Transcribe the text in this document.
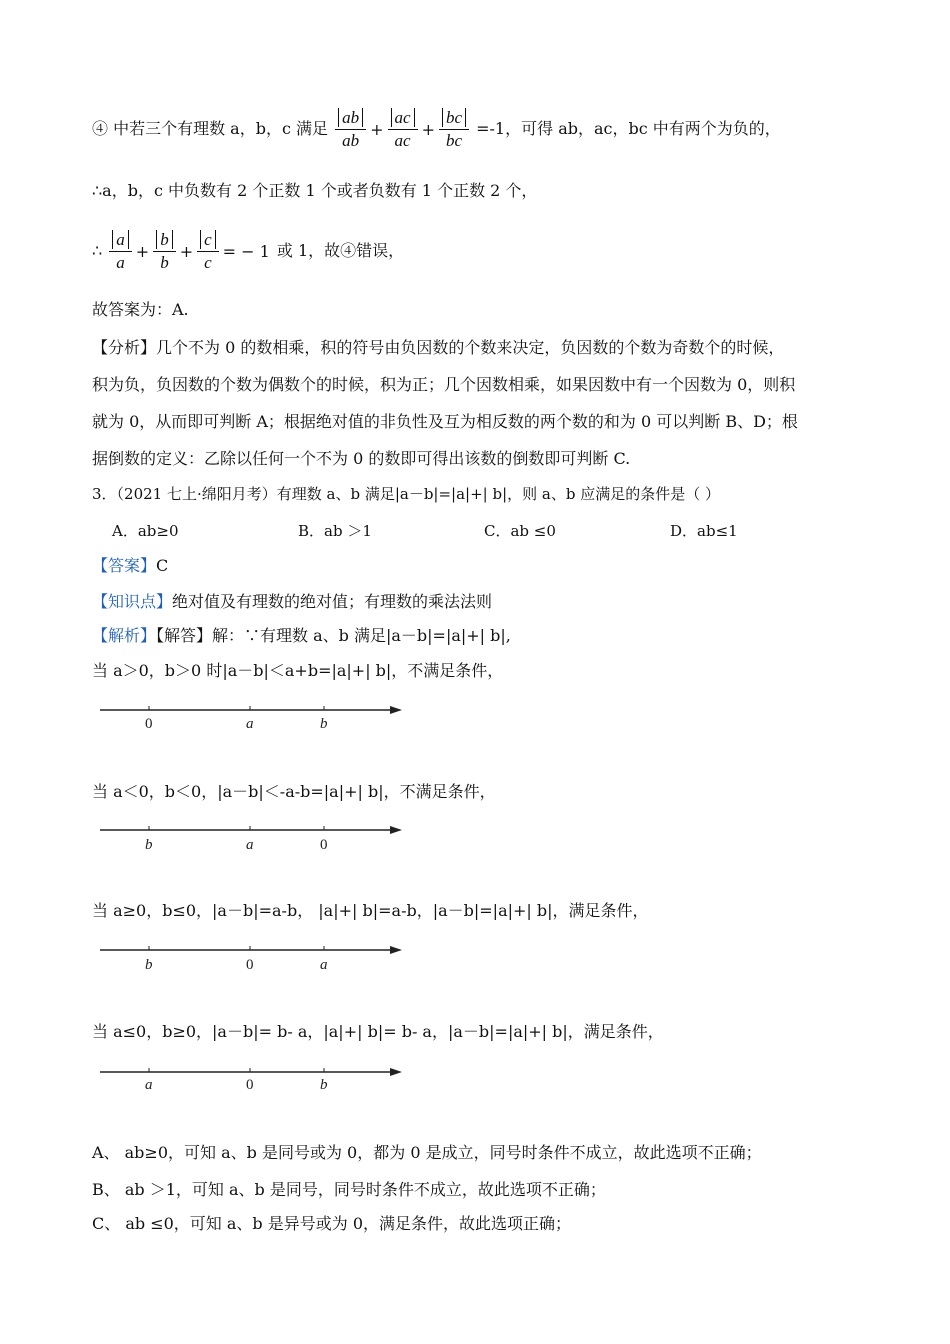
④ 中若三个有理数 a，b，c 满足 $\frac{ab}{ab} + \frac{ac}{ac} + \frac{bc}{bc} =-1$，可得 ab，ac，bc 中有两个为负的，
∴a，b，c 中负数有 2 个正数 1 个或者负数有 1 个正数 2 个，
∴ $\frac{a}{a} + \frac{b}{b} + \frac{c}{c}$ = − 1 或 1，故④错误，
故答案为：A.
【分析】几个不为 0 的数相乘，积的符号由负因数的个数来决定，负因数的个数为奇数个的时候，
积为负，负因数的个数为偶数个的时候，积为正；几个因数相乘，如果因数中有一个因数为 0，则积
就为 0，从而即可判断 A；根据绝对值的非负性及互为相反数的两个数的和为 0 可以判断 B、D；根
据倒数的定义：乙除以任何一个不为 0 的数即可得出该数的倒数即可判断 C.
3．（2021 七上·绵阳月考）有理数 a、b 满足|a－b|=|a|+| b|，则 a、b 应满足的条件是（ ）
A．ab≥0	B．ab ＞1	C．ab ≤0	D．ab≤1
【答案】C
【知识点】绝对值及有理数的绝对值；有理数的乘法法则
【解析】【解答】解：∵有理数 a、b 满足|a－b|=|a|+| b|,
当 a＞0，b＞0 时|a－b|＜a+b=|a|+| b|，不满足条件，
0	a	b
当 a＜0，b＜0，|a－b|＜-a-b=|a|+| b|，不满足条件，
b	a	0
当 a≥0，b≤0，|a－b|=a-b， |a|+| b|=a-b，|a－b|=|a|+| b|，满足条件，
b	0	a
当 a≤0，b≥0，|a－b|= b- a，|a|+| b|= b- a，|a－b|=|a|+| b|，满足条件，
a	0	b
A、 ab≥0，可知 a、b 是同号或为 0，都为 0 是成立，同号时条件不成立，故此选项不正确；
B、 ab ＞1，可知 a、b 是同号，同号时条件不成立，故此选项不正确；
C、 ab ≤0，可知 a、b 是异号或为 0，满足条件，故此选项正确；
